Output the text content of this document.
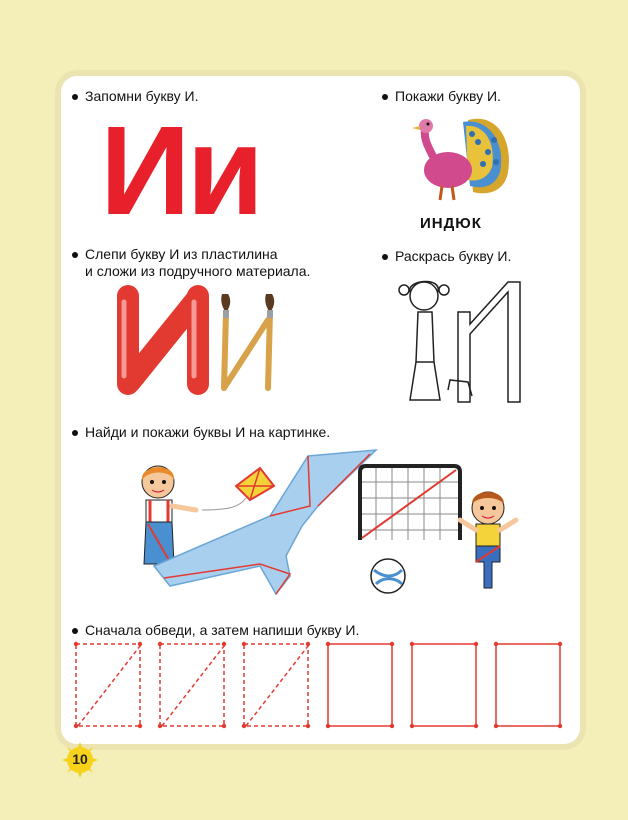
Запомни букву И.
Ии
Покажи букву И.
ИНДЮК
Слепи букву И из пластилина
и сложи из подручного материала.
Раскрась букву И.
Найди и покажи буквы И на картинке.
Сначала обведи, а затем напиши букву И.
10
